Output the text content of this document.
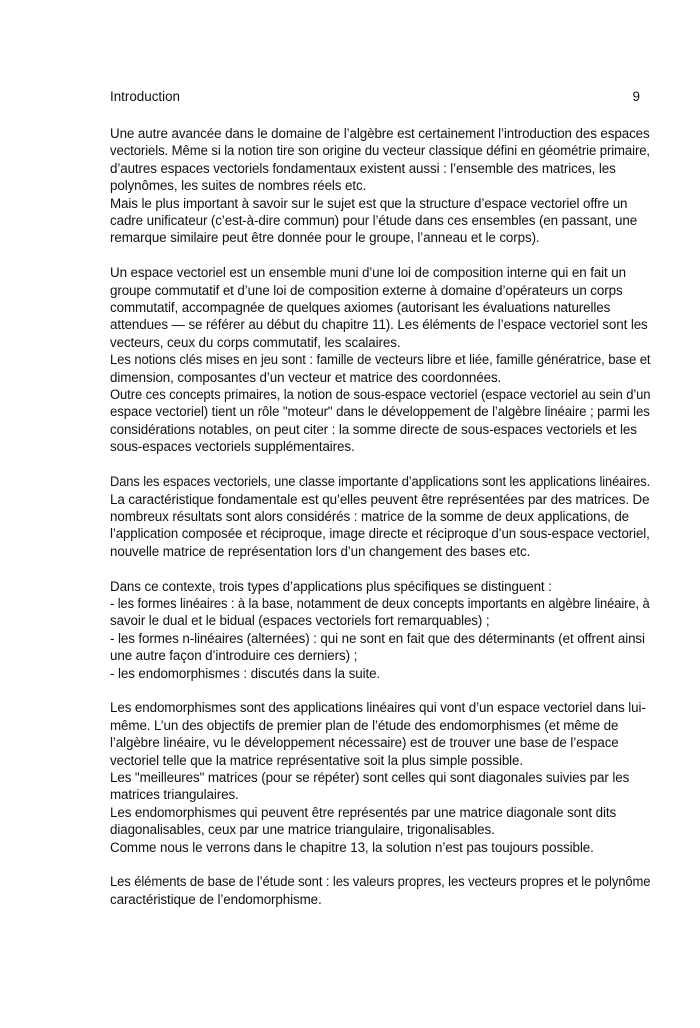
Introduction	9
Une autre avancée dans le domaine de l’algèbre est certainement l’introduction des espaces
vectoriels. Même si la notion tire son origine du vecteur classique défini en géométrie primaire,
d’autres espaces vectoriels fondamentaux existent aussi : l’ensemble des matrices, les
polynômes, les suites de nombres réels etc.
Mais le plus important à savoir sur le sujet est que la structure d’espace vectoriel offre un
cadre unificateur (c’est-à-dire commun) pour l’étude dans ces ensembles (en passant, une
remarque similaire peut être donnée pour le groupe, l’anneau et le corps).
Un espace vectoriel est un ensemble muni d’une loi de composition interne qui en fait un
groupe commutatif et d’une loi de composition externe à domaine d’opérateurs un corps
commutatif, accompagnée de quelques axiomes (autorisant les évaluations naturelles
attendues — se référer au début du chapitre 11). Les éléments de l’espace vectoriel sont les
vecteurs, ceux du corps commutatif, les scalaires.
Les notions clés mises en jeu sont : famille de vecteurs libre et liée, famille génératrice, base et
dimension, composantes d’un vecteur et matrice des coordonnées.
Outre ces concepts primaires, la notion de sous-espace vectoriel (espace vectoriel au sein d’un
espace vectoriel) tient un rôle "moteur" dans le développement de l’algèbre linéaire ; parmi les
considérations notables, on peut citer : la somme directe de sous-espaces vectoriels et les
sous-espaces vectoriels supplémentaires.
Dans les espaces vectoriels, une classe importante d’applications sont les applications linéaires.
La caractéristique fondamentale est qu’elles peuvent être représentées par des matrices. De
nombreux résultats sont alors considérés : matrice de la somme de deux applications, de
l’application composée et réciproque, image directe et réciproque d’un sous-espace vectoriel,
nouvelle matrice de représentation lors d’un changement des bases etc.
Dans ce contexte, trois types d’applications plus spécifiques se distinguent :
- les formes linéaires : à la base, notamment de deux concepts importants en algèbre linéaire, à
savoir le dual et le bidual (espaces vectoriels fort remarquables) ;
- les formes n-linéaires (alternées) : qui ne sont en fait que des déterminants (et offrent ainsi
une autre façon d’introduire ces derniers) ;
- les endomorphismes : discutés dans la suite.
Les endomorphismes sont des applications linéaires qui vont d’un espace vectoriel dans lui-
même. L’un des objectifs de premier plan de l’étude des endomorphismes (et même de
l’algèbre linéaire, vu le développement nécessaire) est de trouver une base de l’espace
vectoriel telle que la matrice représentative soit la plus simple possible.
Les "meilleures" matrices (pour se répéter) sont celles qui sont diagonales suivies par les
matrices triangulaires.
Les endomorphismes qui peuvent être représentés par une matrice diagonale sont dits
diagonalisables, ceux par une matrice triangulaire, trigonalisables.
Comme nous le verrons dans le chapitre 13, la solution n’est pas toujours possible.
Les éléments de base de l’étude sont : les valeurs propres, les vecteurs propres et le polynôme
caractéristique de l’endomorphisme.
